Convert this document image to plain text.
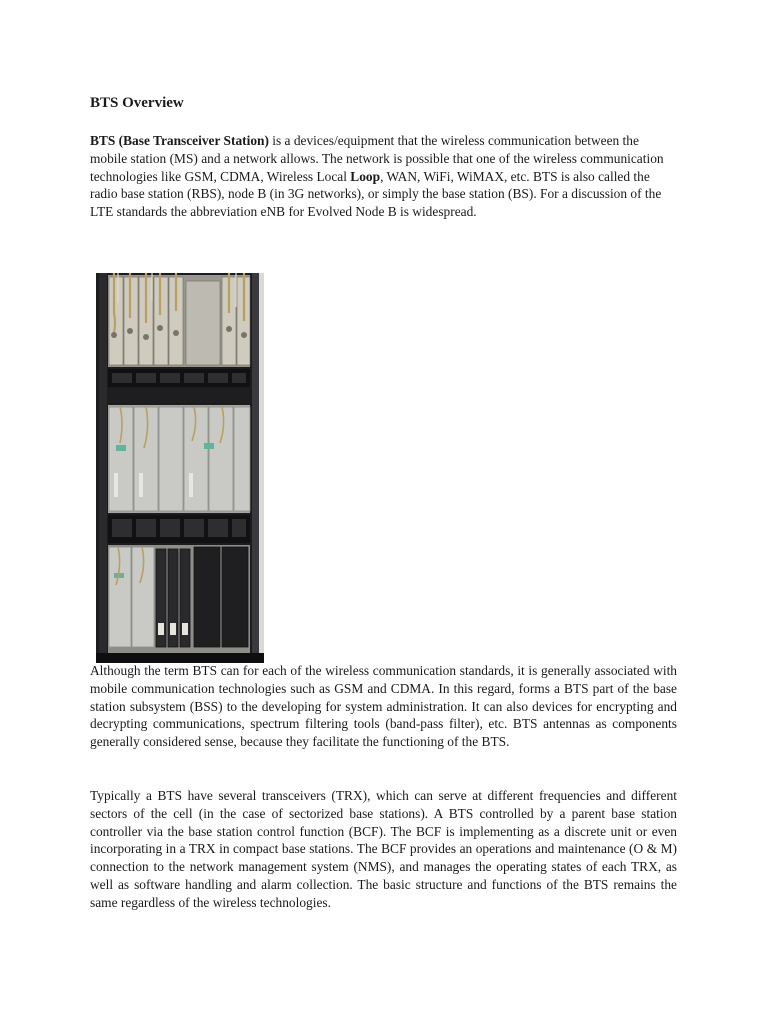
BTS Overview

BTS (Base Transceiver Station) is a devices/equipment that the wireless communication between the mobile station (MS) and a network allows. The network is possible that one of the wireless communication technologies like GSM, CDMA, Wireless Local Loop, WAN, WiFi, WiMAX, etc. BTS is also called the radio base station (RBS), node B (in 3G networks), or simply the base station (BS). For a discussion of the LTE standards the abbreviation eNB for Evolved Node B is widespread.

Although the term BTS can for each of the wireless communication standards, it is generally associated with mobile communication technologies such as GSM and CDMA. In this regard, forms a BTS part of the base station subsystem (BSS) to the developing for system administration. It can also devices for encrypting and decrypting communications, spectrum filtering tools (band-pass filter), etc. BTS antennas as components generally considered sense, because they facilitate the functioning of the BTS.

Typically a BTS have several transceivers (TRX), which can serve at different frequencies and different sectors of the cell (in the case of sectorized base stations). A BTS controlled by a parent base station controller via the base station control function (BCF). The BCF is implementing as a discrete unit or even incorporating in a TRX in compact base stations. The BCF provides an operations and maintenance (O & M) connection to the network management system (NMS), and manages the operating states of each TRX, as well as software handling and alarm collection. The basic structure and functions of the BTS remains the same regardless of the wireless technologies.
